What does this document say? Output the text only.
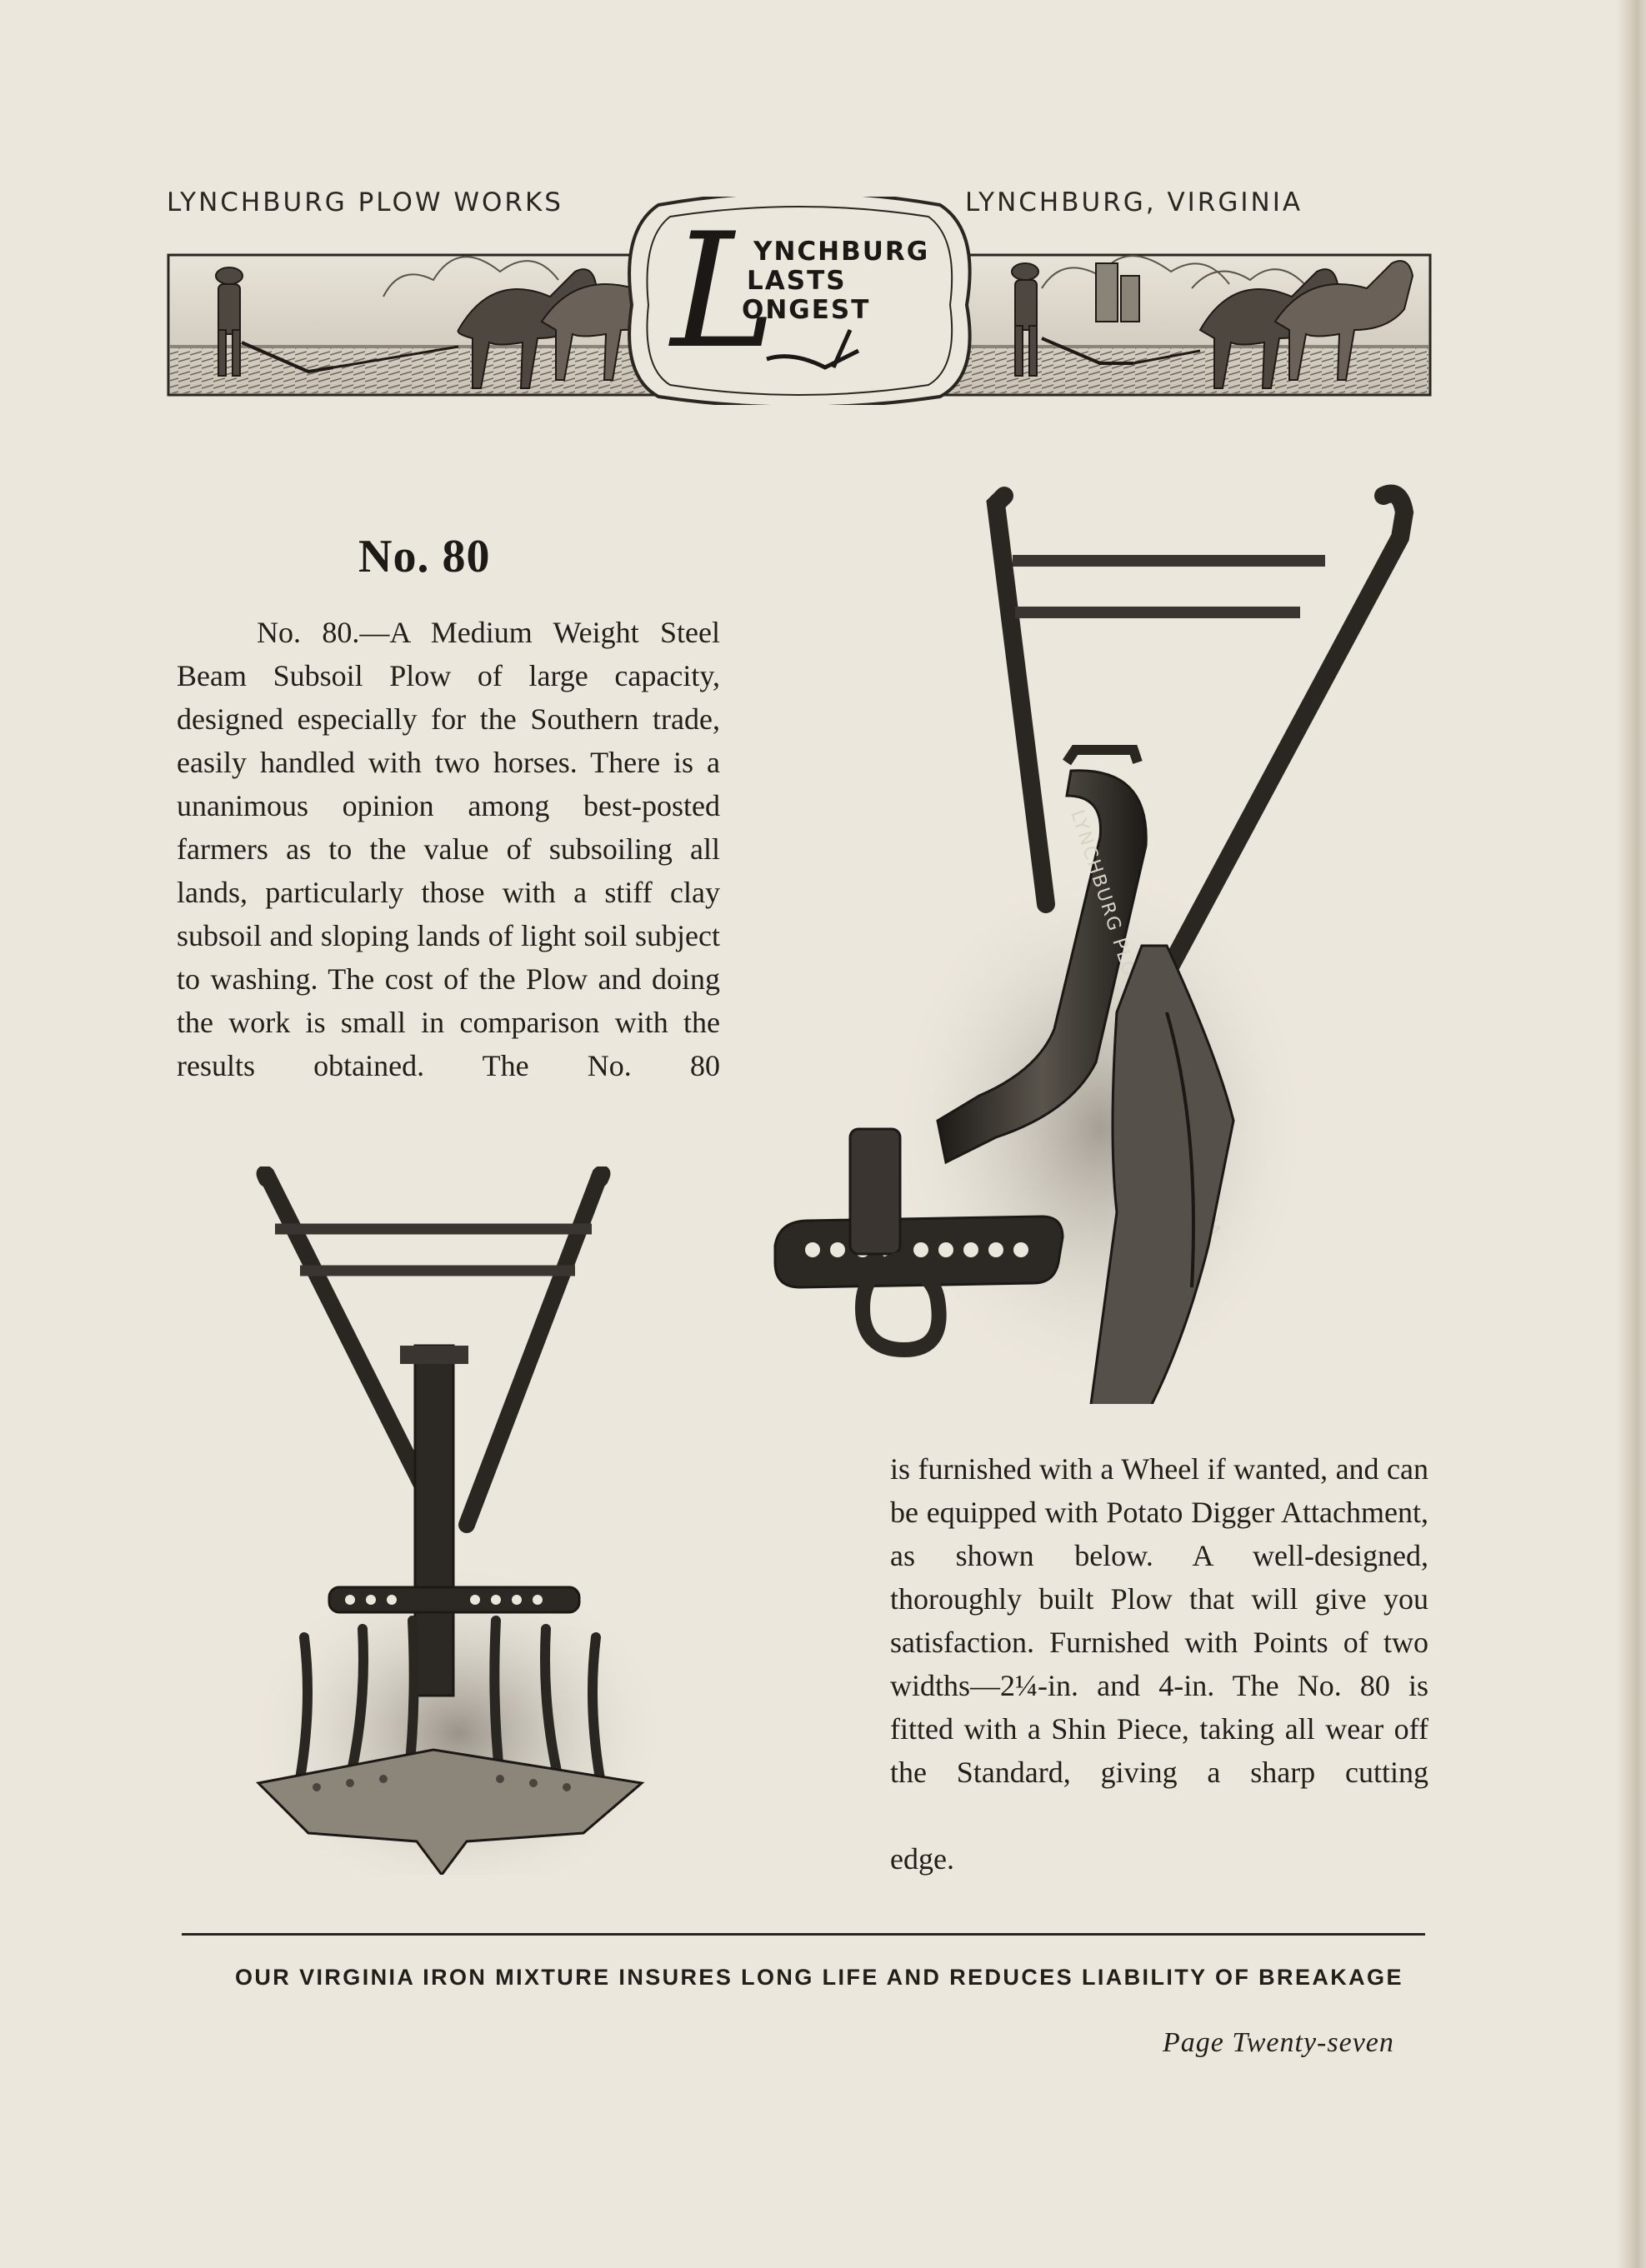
LYNCHBURG PLOW WORKS	LYNCHBURG, VIRGINIA
L
YNCHBURG
LASTS
ONGEST
No. 80
No. 80.—A Medium Weight Steel Beam Subsoil Plow of large capacity, designed especially for the Southern trade, easily handled with two horses. There is a unanimous opinion among best-posted farmers as to the value of subsoiling all lands, particularly those with a stiff clay subsoil and sloping lands of light soil subject to washing. The cost of the Plow and doing the work is small in comparison with the results obtained. The No. 80
is furnished with a Wheel if wanted, and can be equipped with Potato Digger Attachment, as shown below. A well-designed, thoroughly built Plow that will give you satisfaction. Furnished with Points of two widths—2¼-in. and 4-in. The No. 80 is fitted with a Shin Piece, taking all wear off the Standard, giving a sharp cutting
edge.
LYNCHBURG PLOW
OUR VIRGINIA IRON MIXTURE INSURES LONG LIFE AND REDUCES LIABILITY OF BREAKAGE
Page Twenty-seven
